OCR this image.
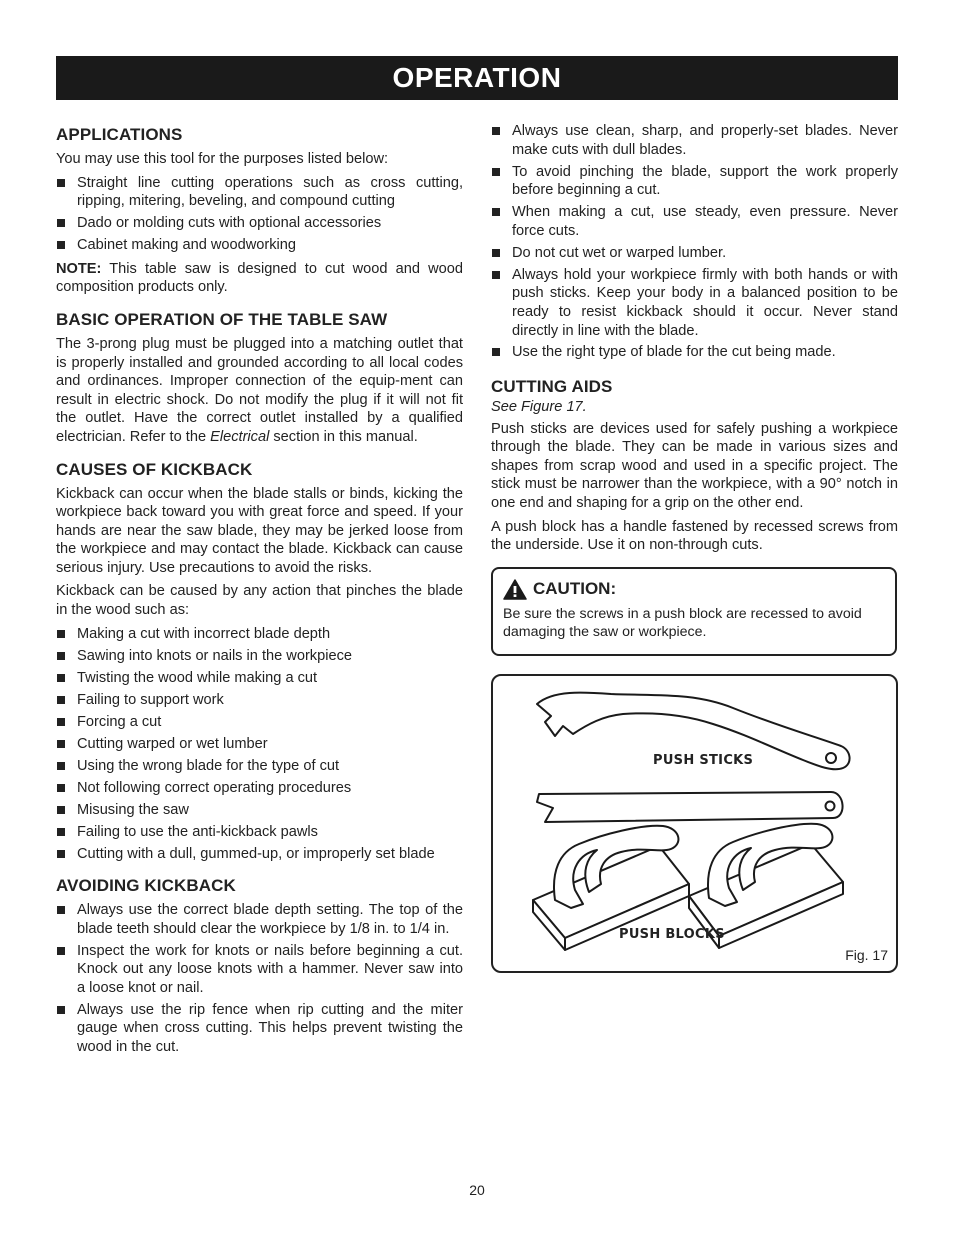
OPERATION
APPLICATIONS

You may use this tool for the purposes listed below:

Straight line cutting operations such as cross cutting, ripping, mitering, beveling, and compound cutting
Dado or molding cuts with optional accessories
Cabinet making and woodworking

NOTE: This table saw is designed to cut wood and wood composition products only.

BASIC OPERATION OF THE TABLE SAW

The 3-prong plug must be plugged into a matching outlet that is properly installed and grounded according to all local codes and ordinances. Improper connection of the equip-ment can result in electric shock. Do not modify the plug if it will not fit the outlet. Have the correct outlet installed by a qualified electrician. Refer to the Electrical section in this manual.

CAUSES OF KICKBACK

Kickback can occur when the blade stalls or binds, kicking the workpiece back toward you with great force and speed. If your hands are near the saw blade, they may be jerked loose from the workpiece and may contact the blade. Kickback can cause serious injury. Use precautions to avoid the risks.

Kickback can be caused by any action that pinches the blade in the wood such as:

Making a cut with incorrect blade depth
Sawing into knots or nails in the workpiece
Twisting the wood while making a cut
Failing to support work
Forcing a cut
Cutting warped or wet lumber
Using the wrong blade for the type of cut
Not following correct operating procedures
Misusing the saw
Failing to use the anti-kickback pawls
Cutting with a dull, gummed-up, or improperly set blade
AVOIDING KICKBACK
Always use the correct blade depth setting. The top of the blade teeth should clear the workpiece by 1/8 in. to 1/4 in.
Inspect the work for knots or nails before beginning a cut. Knock out any loose knots with a hammer. Never saw into a loose knot or nail.
Always use the rip fence when rip cutting and the miter gauge when cross cutting. This helps prevent twisting the wood in the cut.
Always use clean, sharp, and properly-set blades. Never make cuts with dull blades.
To avoid pinching the blade, support the work properly before beginning a cut.
When making a cut, use steady, even pressure. Never force cuts.
Do not cut wet or warped lumber.
Always hold your workpiece firmly with both hands or with push sticks. Keep your body in a balanced position to be ready to resist kickback should it occur. Never stand directly in line with the blade.
Use the right type of blade for the cut being made.
CUTTING AIDS

See Figure 17.

Push sticks are devices used for safely pushing a workpiece through the blade. They can be made in various sizes and shapes from scrap wood and used in a specific project. The stick must be narrower than the workpiece, with a 90° notch in one end and shaping for a grip on the other end.

A push block has a handle fastened by recessed screws from the underside. Use it on non-through cuts.

CAUTION:

Be sure the screws in a push block are recessed to avoid damaging the saw or workpiece.

PUSH STICKS
PUSH BLOCKS
Fig. 17
20
